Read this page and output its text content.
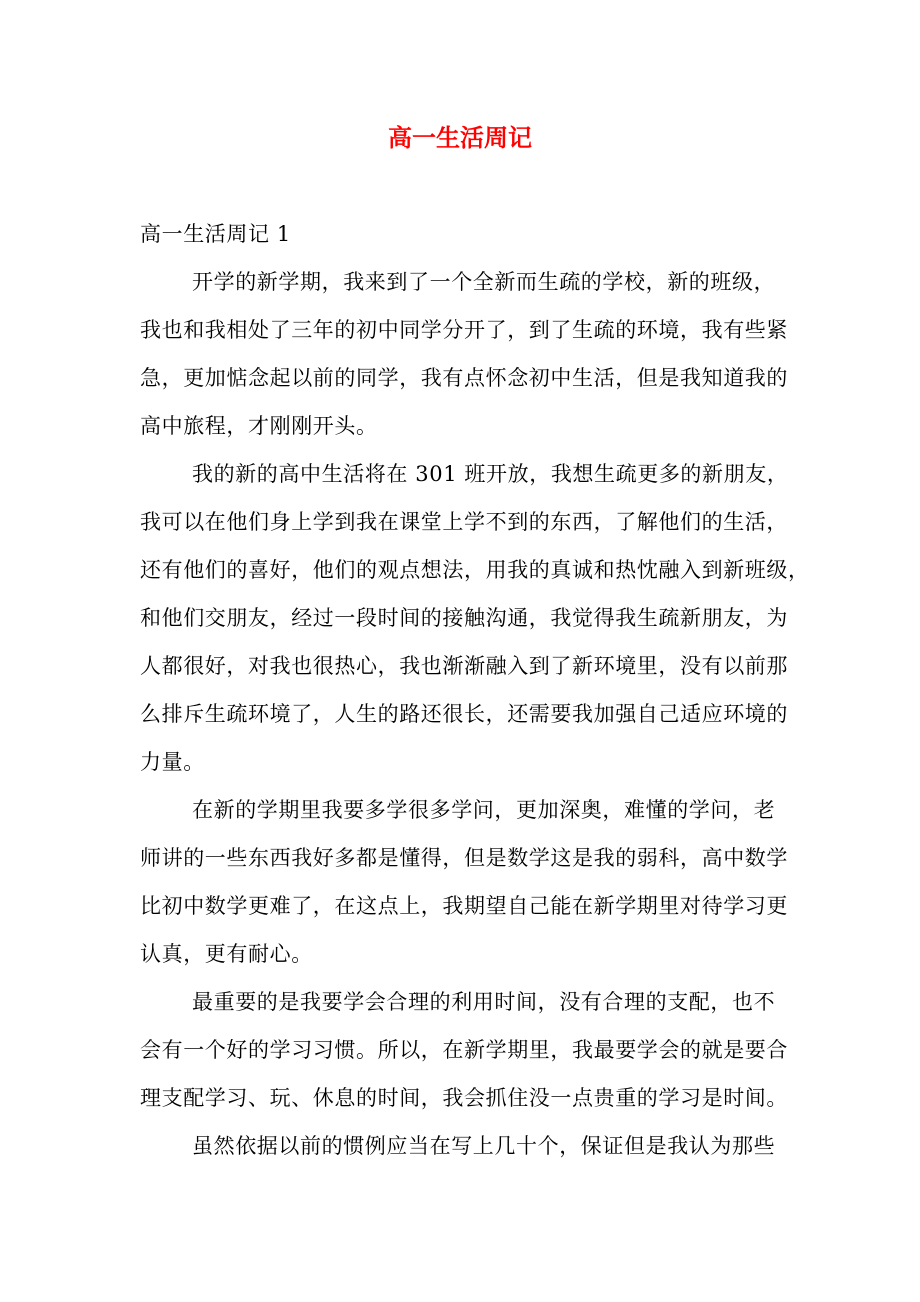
高一生活周记
高一生活周记 1
开学的新学期，我来到了一个全新而生疏的学校，新的班级，
我也和我相处了三年的初中同学分开了，到了生疏的环境，我有些紧
急，更加惦念起以前的同学，我有点怀念初中生活，但是我知道我的
高中旅程，才刚刚开头。
我的新的高中生活将在 301 班开放，我想生疏更多的新朋友，
我可以在他们身上学到我在课堂上学不到的东西，了解他们的生活，
还有他们的喜好，他们的观点想法，用我的真诚和热忱融入到新班级，
和他们交朋友，经过一段时间的接触沟通，我觉得我生疏新朋友，为
人都很好，对我也很热心，我也渐渐融入到了新环境里，没有以前那
么排斥生疏环境了，人生的路还很长，还需要我加强自己适应环境的
力量。
在新的学期里我要多学很多学问，更加深奥，难懂的学问，老
师讲的一些东西我好多都是懂得，但是数学这是我的弱科，高中数学
比初中数学更难了，在这点上，我期望自己能在新学期里对待学习更
认真，更有耐心。
最重要的是我要学会合理的利用时间，没有合理的支配，也不
会有一个好的学习习惯。所以，在新学期里，我最要学会的就是要合
理支配学习、玩、休息的时间，我会抓住没一点贵重的学习是时间。
虽然依据以前的惯例应当在写上几十个，保证但是我认为那些
